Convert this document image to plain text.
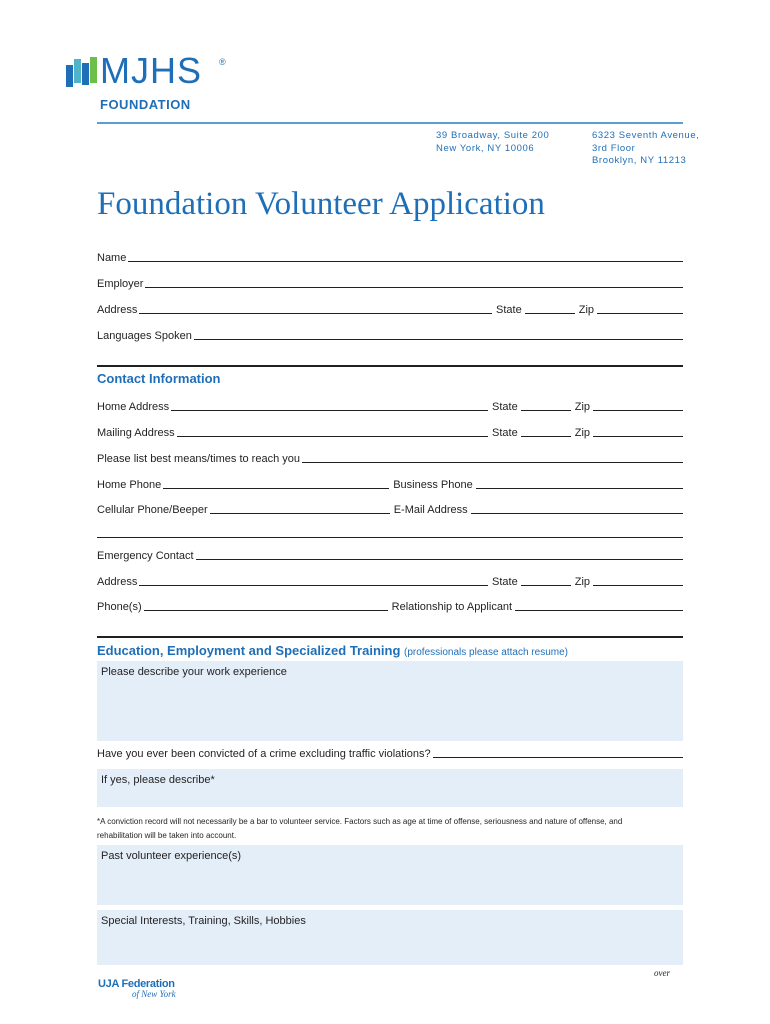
MJHS ®
FOUNDATION
39 Broadway, Suite 200
New York, NY 10006
6323 Seventh Avenue,
3rd Floor
Brooklyn, NY 11213
Foundation Volunteer Application
Name
Employer
Address	State	Zip
Languages Spoken
Contact Information
Home Address	State	Zip
Mailing Address	State	Zip
Please list best means/times to reach you
Home Phone	Business Phone
Cellular Phone/Beeper	E-Mail Address
Emergency Contact
Address	State	Zip
Phone(s)	Relationship to Applicant
Education, Employment and Specialized Training (professionals please attach resume)
Please describe your work experience
Have you ever been convicted of a crime excluding traffic violations?
If yes, please describe*
*A conviction record will not necessarily be a bar to volunteer service. Factors such as age at time of offense, seriousness and nature of offense, and
rehabilitation will be taken into account.
Past volunteer experience(s)
Special Interests, Training, Skills, Hobbies
UJA Federation
of New York
over
